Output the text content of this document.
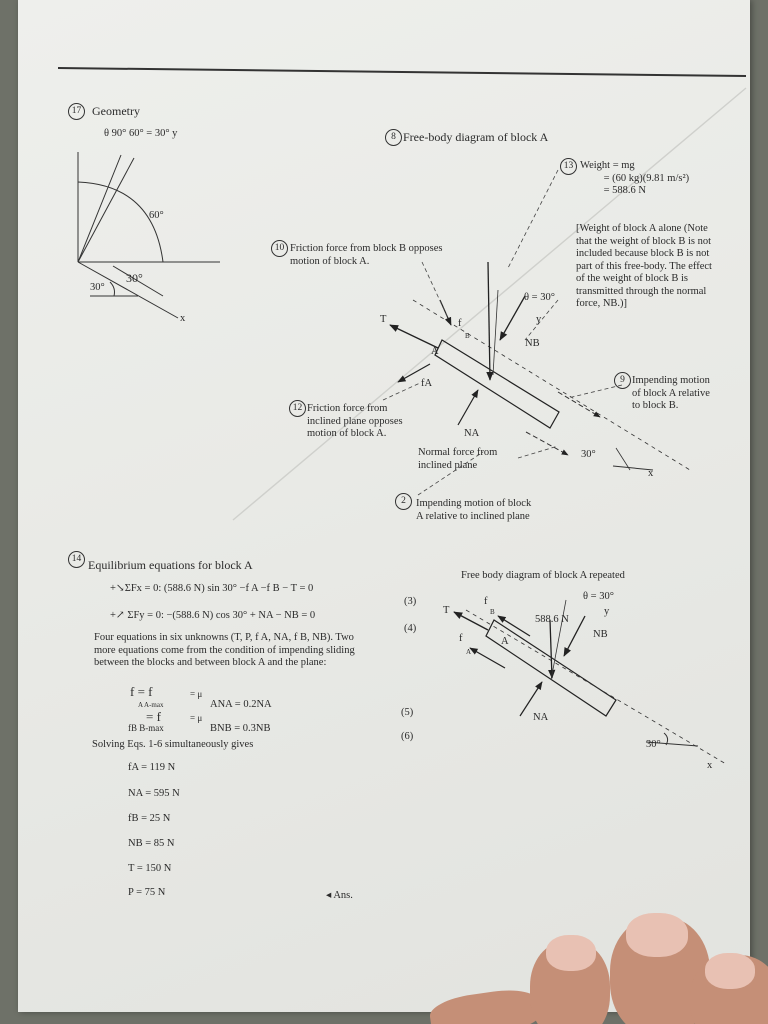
17 Geometry
θ 90° 60° = 30° y
60°
30°
30°
x
8 Free-body diagram of block A
13 Weight = mg
= (60 kg)(9.81 m/s²)
= 588.6 N
[Weight of block A alone (Note
that the weight of block B is not
included because block B is not
part of this free-body. The effect
of the weight of block B is
transmitted through the normal
force, NB.)]
10 Friction force from block B opposes
motion of block A.
θ = 30°
T	f
B
y
NB
A
fA	9 Impending motion
of block A relative
to block B.
12 Friction force from
inclined plane opposes
motion of block A.	NA
Normal force from
inclined plane
30°
x
2 Impending motion of block
A relative to inclined plane
14 Equilibrium equations for block A
+↘ΣFx = 0: (588.6 N) sin 30° −f A −f B − T = 0
(3)
+↗ ΣFy = 0: −(588.6 N) cos 30° + NA − NB = 0
(4)
Four equations in six unknowns (T, P, f A, NA, f B, NB). Two
more equations come from the condition of impending sliding
between the blocks and between block A and the plane:
f = f
A A-max
= μ
ANA = 0.2NA
(5)
= f
fB B-max
= μ
BNB = 0.3NB
(6)
Solving Eqs. 1-6 simultaneously gives
fA = 119 N
NA = 595 N
fB = 25 N
NB = 85 N
T = 150 N
P = 75 N	◂ Ans.
Free body diagram of block A repeated
θ = 30°
y
588.6 N
NB
T
f
B
A
f
A
NA
30°
x
